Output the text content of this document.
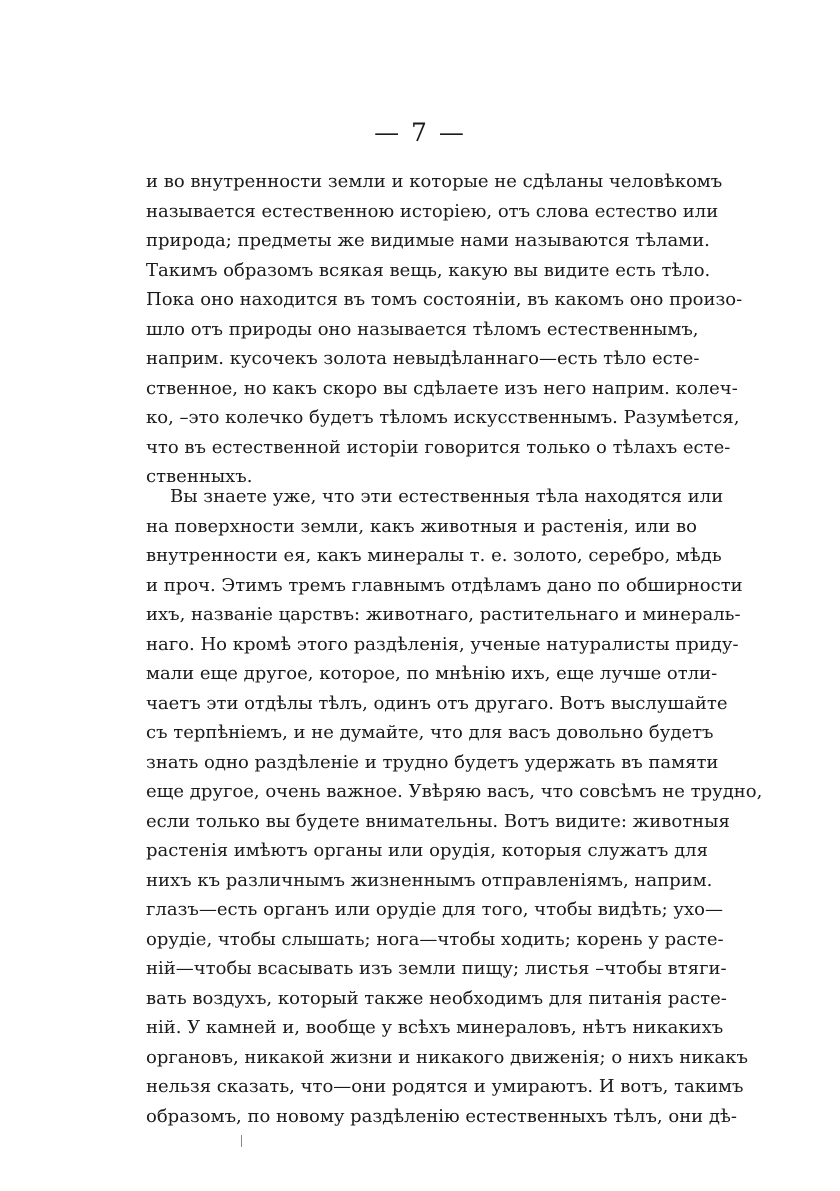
— 7 —
и во внутренности земли и которые не сдѣланы человѣкомъ
называется естественною исторіею, отъ слова естество или
природа; предметы же видимые нами называются тѣлами.
Такимъ образомъ всякая вещь, какую вы видите есть тѣло.
Пока оно находится въ томъ состояніи, въ какомъ оно произо-
шло отъ природы оно называется тѣломъ естественнымъ,
наприм. кусочекъ золота невыдѣланнаго—есть тѣло есте-
ственное, но какъ скоро вы сдѣлаете изъ него наприм. колеч-
ко, –это колечко будетъ тѣломъ искусственнымъ. Разумѣется,
что въ естественной исторіи говорится только о тѣлахъ есте-
ственныхъ.
Вы знаете уже, что эти естественныя тѣла находятся или
на поверхности земли, какъ животныя и растенія, или во
внутренности ея, какъ минералы т. е. золото, серебро, мѣдь
и проч. Этимъ тремъ главнымъ отдѣламъ дано по обширности
ихъ, названіе царствъ: животнаго, растительнаго и минераль-
наго. Но кромѣ этого раздѣленія, ученые натуралисты приду-
мали еще другое, которое, по мнѣнію ихъ, еще лучше отли-
чаетъ эти отдѣлы тѣлъ, одинъ отъ другаго. Вотъ выслушайте
съ терпѣніемъ, и не думайте, что для васъ довольно будетъ
знать одно раздѣленіе и трудно будетъ удержать въ памяти
еще другое, очень важное. Увѣряю васъ, что совсѣмъ не трудно,
если только вы будете внимательны. Вотъ видите: животныя
растенія имѣютъ органы или орудія, которыя служатъ для
нихъ къ различнымъ жизненнымъ отправленіямъ, наприм.
глазъ—есть органъ или орудіе для того, чтобы видѣть; ухо—
орудіе, чтобы слышать; нога—чтобы ходить; корень у расте-
ній—чтобы всасывать изъ земли пищу; листья –чтобы втяги-
вать воздухъ, который также необходимъ для питанія расте-
ній. У камней и, вообще у всѣхъ минераловъ, нѣтъ никакихъ
органовъ, никакой жизни и никакого движенія; о нихъ никакъ
нельзя сказать, что—они родятся и умираютъ. И вотъ, такимъ
образомъ, по новому раздѣленію естественныхъ тѣлъ, они дѣ-
